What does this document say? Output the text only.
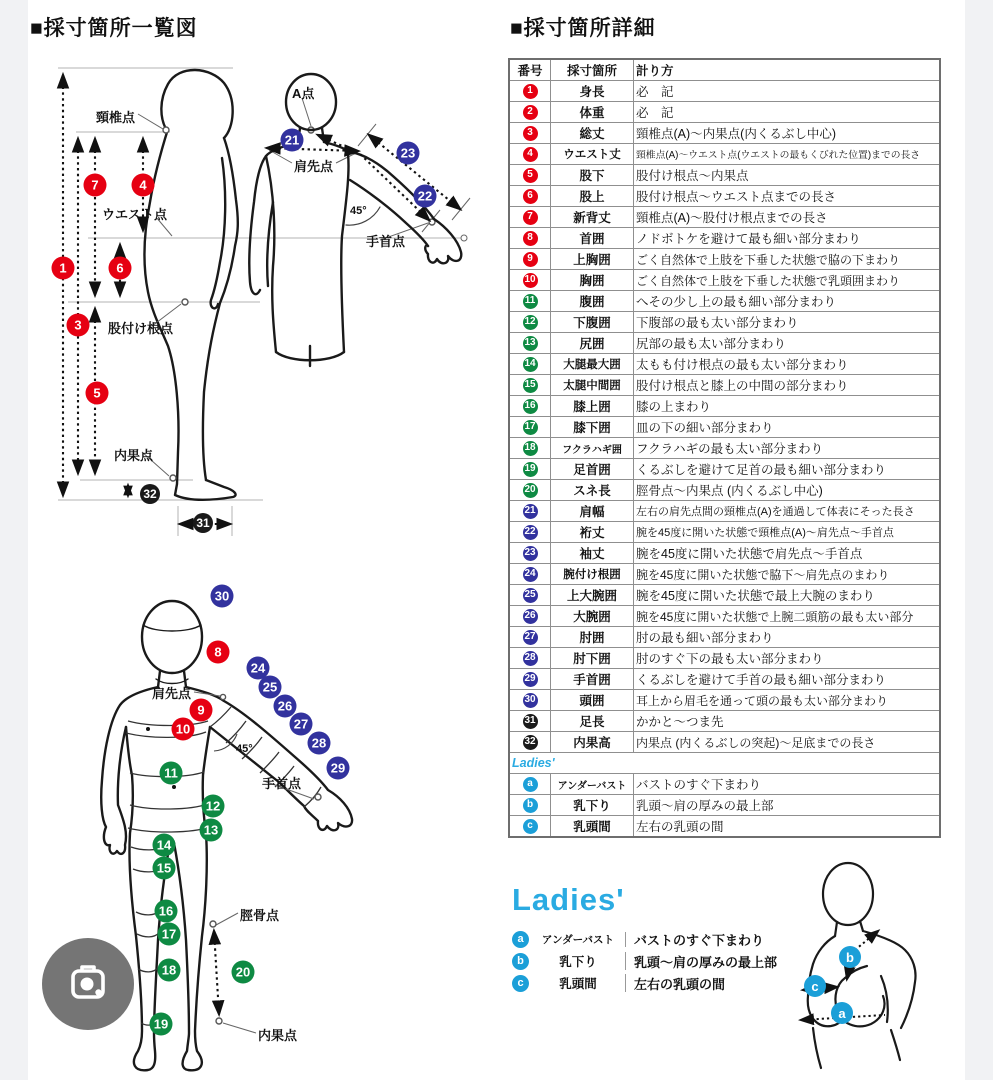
■採寸箇所一覧図	■採寸箇所詳細
1
3
5
6
7	4
32
31
21
22
23
頸椎点
ウエスト点
股付け根点
内果点
A点
肩先点
45°
手首点
30
8
9
10
24
25
26
27
28
29
11
12
13
14
15
16
17
18
19
20
肩先点
45°
手首点
脛骨点
内果点
番号	採寸箇所	計り方
1	身長	必　記
2	体重	必　記
3	総丈	頸椎点(A)～内果点(内くるぶし中心)
4	ウエスト丈	頸椎点(A)～ウエスト点(ウエストの最もくびれた位置)までの長さ
5	股下	股付け根点～内果点
6	股上	股付け根点～ウエスト点までの長さ
7	新背丈	頸椎点(A)～股付け根点までの長さ
8	首囲	ノドボトケを避けて最も細い部分まわり
9	上胸囲	ごく自然体で上肢を下垂した状態で脇の下まわり
10	胸囲	ごく自然体で上肢を下垂した状態で乳頭囲まわり
11	腹囲	へその少し上の最も細い部分まわり
12	下腹囲	下腹部の最も太い部分まわり
13	尻囲	尻部の最も太い部分まわり
14	大腿最大囲	太もも付け根点の最も太い部分まわり
15	太腿中間囲	股付け根点と膝上の中間の部分まわり
16	膝上囲	膝の上まわり
17	膝下囲	皿の下の細い部分まわり
18	フクラハギ囲	フクラハギの最も太い部分まわり
19	足首囲	くるぶしを避けて足首の最も細い部分まわり
20	スネ長	脛骨点～内果点 (内くるぶし中心)
21	肩幅	左右の肩先点間の頸椎点(A)を通過して体表にそった長さ
22	裄丈	腕を45度に開いた状態で頸椎点(A)～肩先点～手首点
23	袖丈	腕を45度に開いた状態で肩先点～手首点
24	腕付け根囲	腕を45度に開いた状態で脇下～肩先点のまわり
25	上大腕囲	腕を45度に開いた状態で最上大腕のまわり
26	大腕囲	腕を45度に開いた状態で上腕二頭筋の最も太い部分
27	肘囲	肘の最も細い部分まわり
28	肘下囲	肘のすぐ下の最も太い部分まわり
29	手首囲	くるぶしを避けて手首の最も細い部分まわり
30	頭囲	耳上から眉毛を通って頭の最も太い部分まわり
31	足長	かかと～つま先
32	内果高	内果点 (内くるぶしの突起)～足底までの長さ
Ladies'		
a	アンダーバスト	バストのすぐ下まわり
b	乳下り	乳頭～肩の厚みの最上部
c	乳頭間	左右の乳頭の間
Ladies'
a	アンダーバスト	バストのすぐ下まわり
b	乳下り	乳頭～肩の厚みの最上部
c	乳頭間	左右の乳頭の間
b
c
a
